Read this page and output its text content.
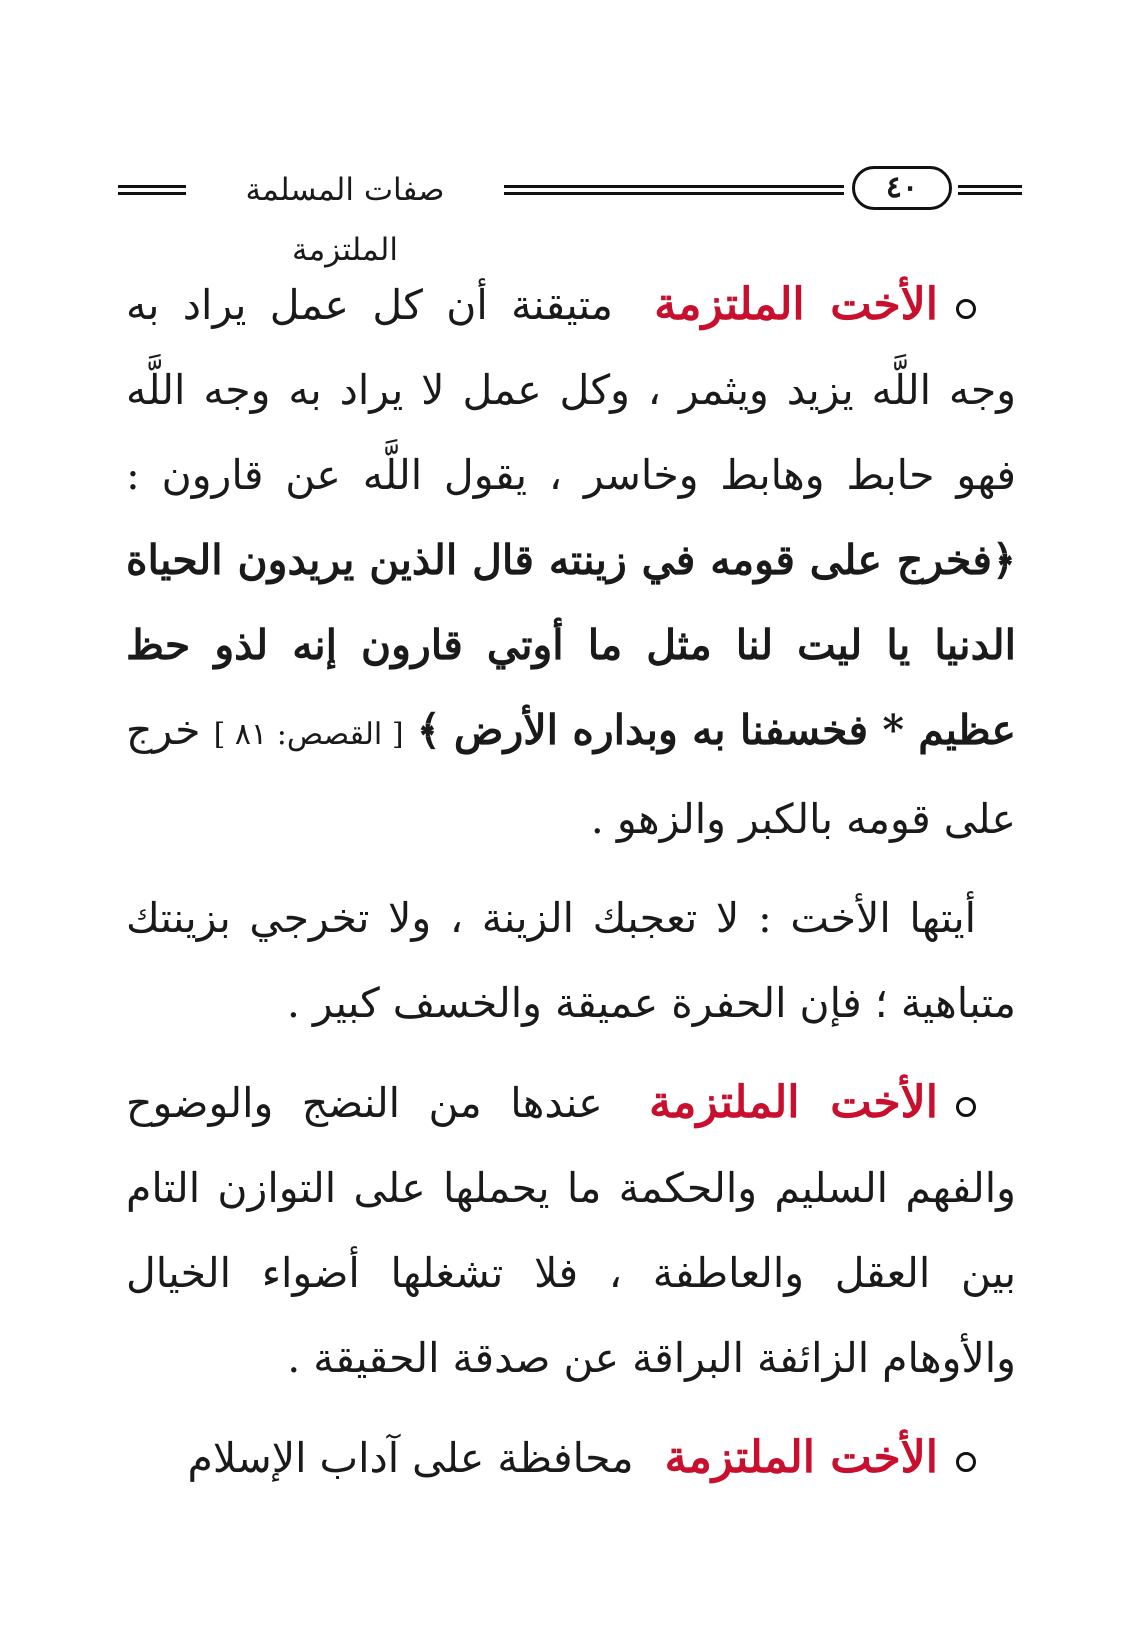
صفات المسلمة الملتزمة
٤٠

الأخت الملتزمة متيقنة أن كل عمل يراد به وجه اللَّه يزيد ويثمر ، وكل عمل لا يراد به وجه اللَّه فهو حابط وهابط وخاسر ، يقول اللَّه عن قارون : ﴿فخرج على قومه في زينته قال الذين يريدون الحياة الدنيا يا ليت لنا مثل ما أوتي قارون إنه لذو حظ عظيم * فخسفنا به وبداره الأرض ﴾ [ القصص: ٨١ ] خرج على قومه بالكبر والزهو .

أيتها الأخت : لا تعجبك الزينة ، ولا تخرجي بزينتك متباهية ؛ فإن الحفرة عميقة والخسف كبير .

الأخت الملتزمة عندها من النضج والوضوح والفهم السليم والحكمة ما يحملها على التوازن التام بين العقل والعاطفة ، فلا تشغلها أضواء الخيال والأوهام الزائفة البراقة عن صدقة الحقيقة .

الأخت الملتزمة محافظة على آداب الإسلام
